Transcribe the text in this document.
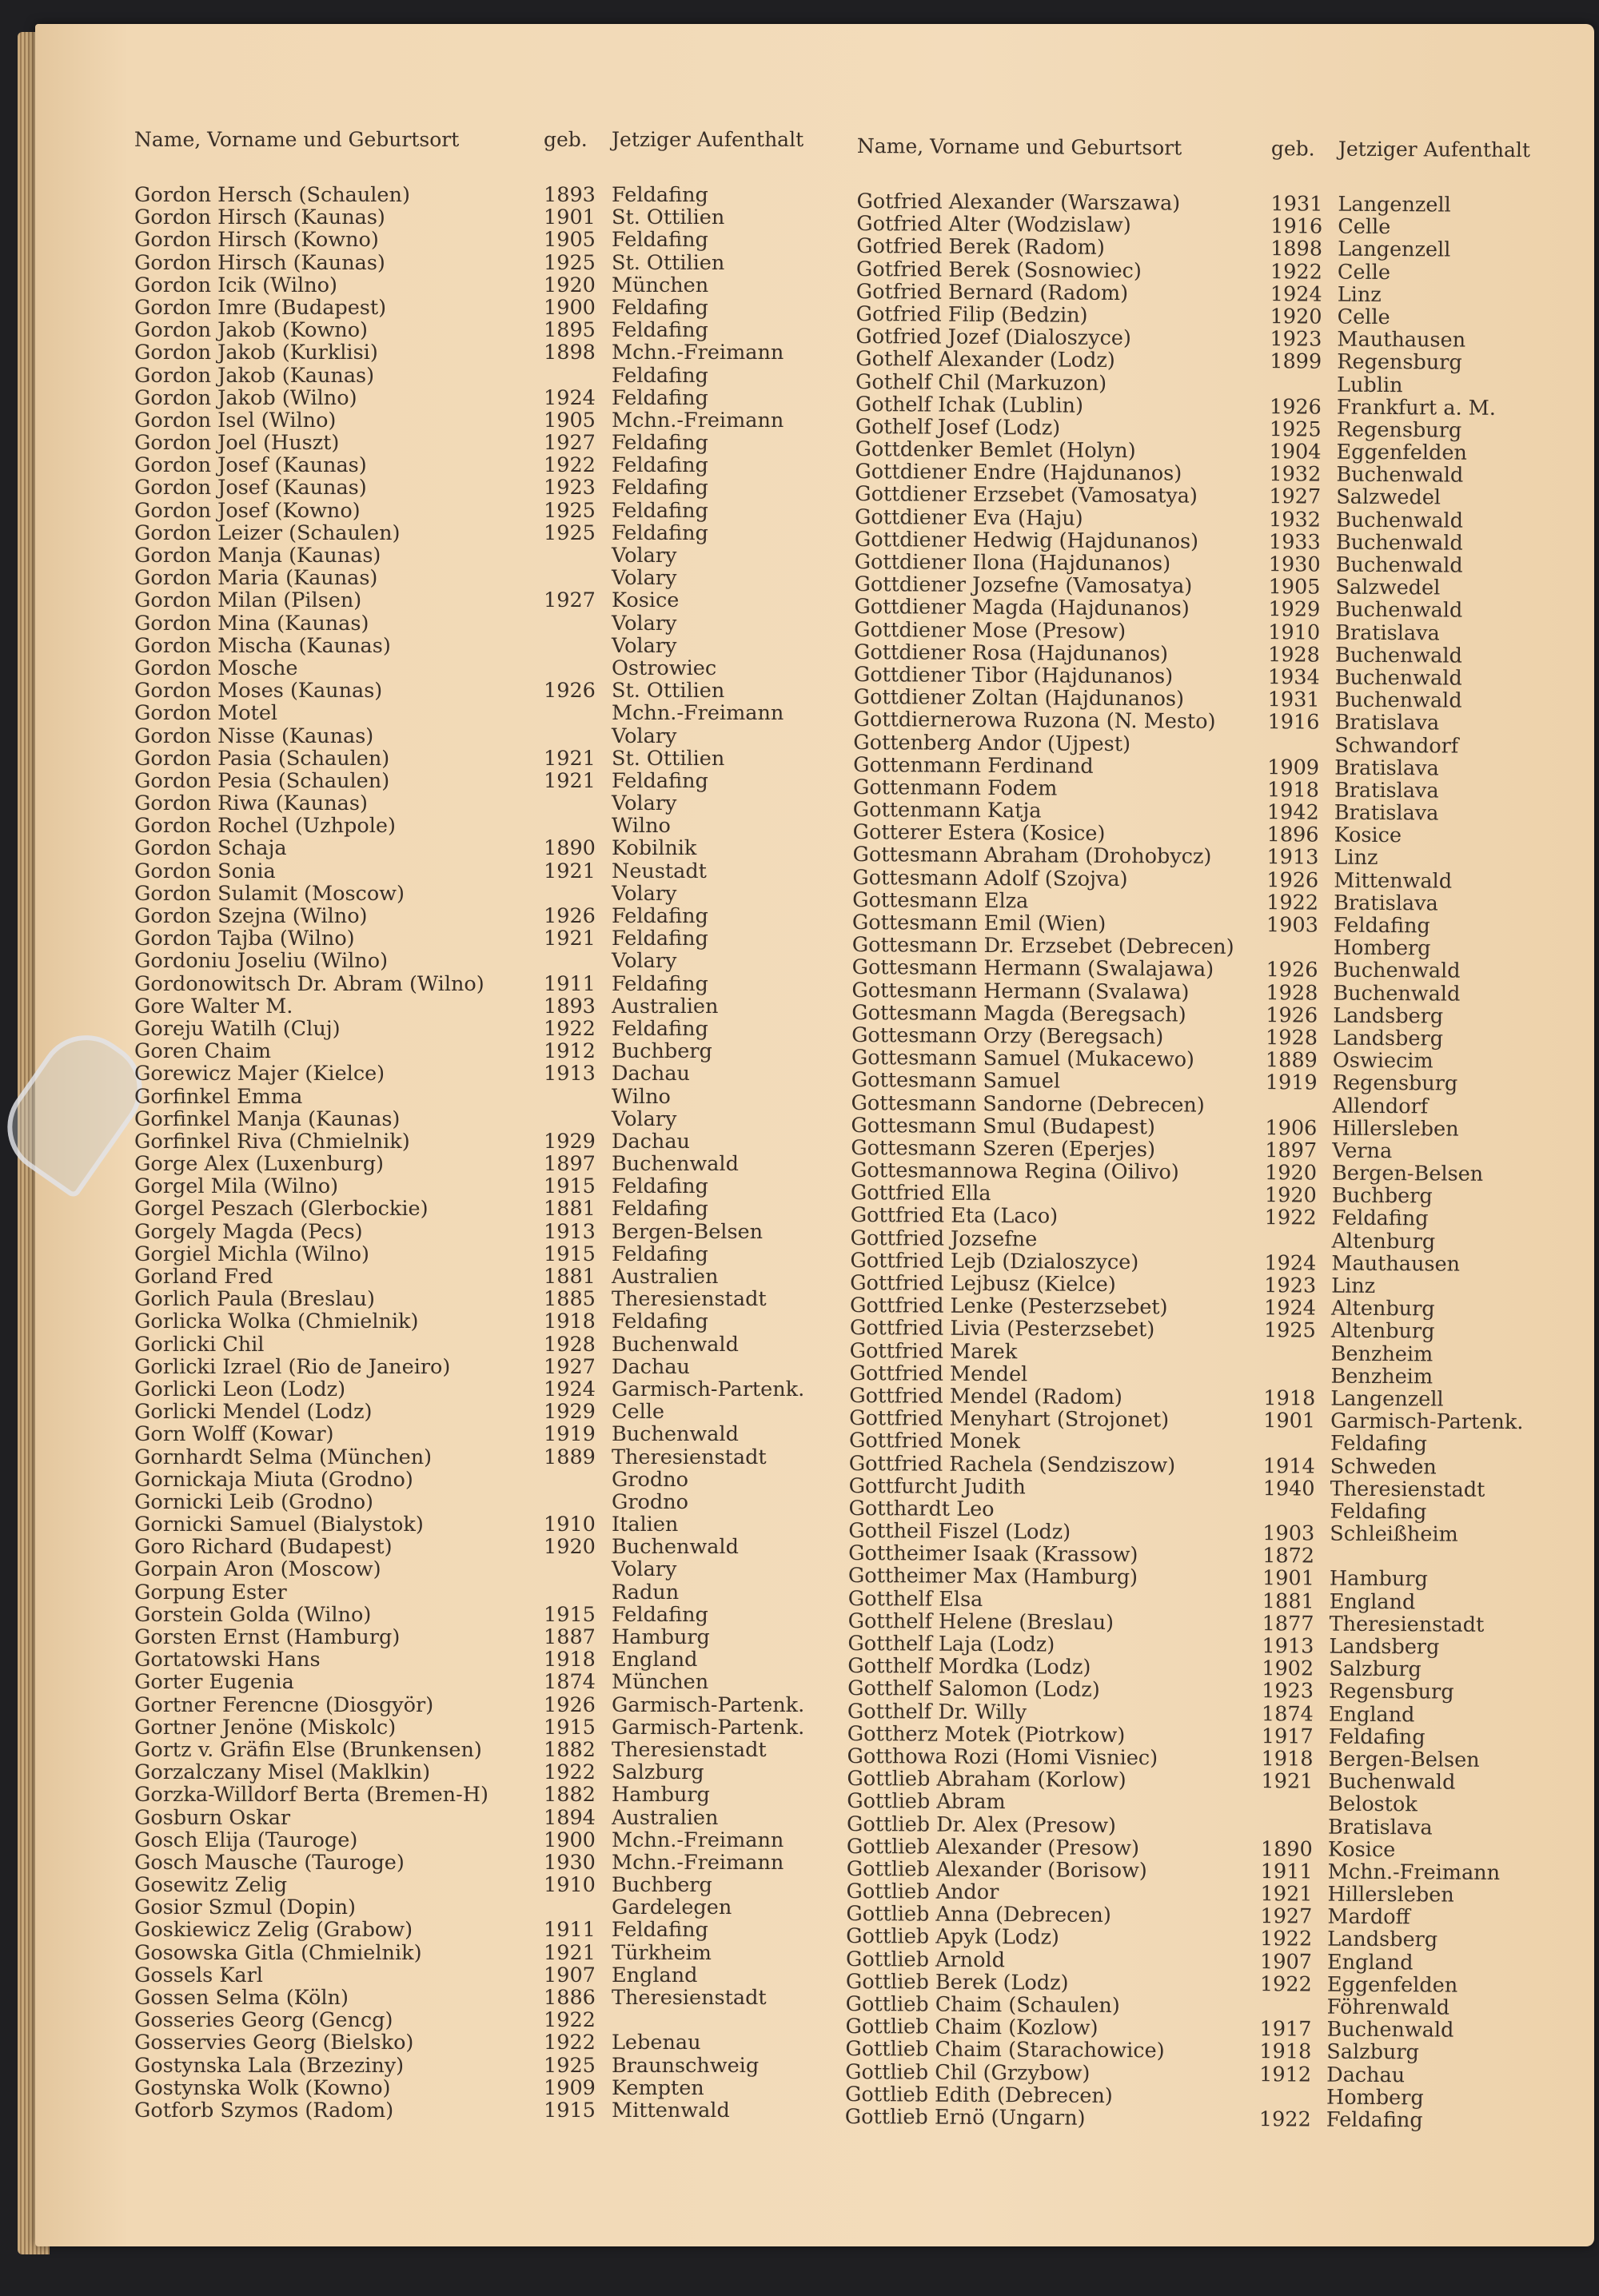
Name, Vorname und Geburtsort	geb. Jetziger Aufenthalt
Gordon Hersch (Schaulen)	1893 Feldafing
Gordon Hirsch (Kaunas)	1901 St. Ottilien
Gordon Hirsch (Kowno)	1905 Feldafing
Gordon Hirsch (Kaunas)	1925 St. Ottilien
Gordon Icik (Wilno)	1920 München
Gordon Imre (Budapest)	1900 Feldafing
Gordon Jakob (Kowno)	1895 Feldafing
Gordon Jakob (Kurklisi)	1898 Mchn.-Freimann
Gordon Jakob (Kaunas)	Feldafing
Gordon Jakob (Wilno)	1924 Feldafing
Gordon Isel (Wilno)	1905 Mchn.-Freimann
Gordon Joel (Huszt)	1927 Feldafing
Gordon Josef (Kaunas)	1922 Feldafing
Gordon Josef (Kaunas)	1923 Feldafing
Gordon Josef (Kowno)	1925 Feldafing
Gordon Leizer (Schaulen)	1925 Feldafing
Gordon Manja (Kaunas)	Volary
Gordon Maria (Kaunas)	Volary
Gordon Milan (Pilsen)	1927 Kosice
Gordon Mina (Kaunas)	Volary
Gordon Mischa (Kaunas)	Volary
Gordon Mosche	Ostrowiec
Gordon Moses (Kaunas)	1926 St. Ottilien
Gordon Motel	Mchn.-Freimann
Gordon Nisse (Kaunas)	Volary
Gordon Pasia (Schaulen)	1921 St. Ottilien
Gordon Pesia (Schaulen)	1921 Feldafing
Gordon Riwa (Kaunas)	Volary
Gordon Rochel (Uzhpole)	Wilno
Gordon Schaja	1890 Kobilnik
Gordon Sonia	1921 Neustadt
Gordon Sulamit (Moscow)	Volary
Gordon Szejna (Wilno)	1926 Feldafing
Gordon Tajba (Wilno)	1921 Feldafing
Gordoniu Joseliu (Wilno)	Volary
Gordonowitsch Dr. Abram (Wilno)	1911 Feldafing
Gore Walter M.	1893 Australien
Goreju Watilh (Cluj)	1922 Feldafing
Goren Chaim	1912 Buchberg
Gorewicz Majer (Kielce)	1913 Dachau
Gorfinkel Emma	Wilno
Gorfinkel Manja (Kaunas)	Volary
Gorfinkel Riva (Chmielnik)	1929 Dachau
Gorge Alex (Luxenburg)	1897 Buchenwald
Gorgel Mila (Wilno)	1915 Feldafing
Gorgel Peszach (Glerbockie)	1881 Feldafing
Gorgely Magda (Pecs)	1913 Bergen-Belsen
Gorgiel Michla (Wilno)	1915 Feldafing
Gorland Fred	1881 Australien
Gorlich Paula (Breslau)	1885 Theresienstadt
Gorlicka Wolka (Chmielnik)	1918 Feldafing
Gorlicki Chil	1928 Buchenwald
Gorlicki Izrael (Rio de Janeiro)	1927 Dachau
Gorlicki Leon (Lodz)	1924 Garmisch-Partenk.
Gorlicki Mendel (Lodz)	1929 Celle
Gorn Wolff (Kowar)	1919 Buchenwald
Gornhardt Selma (München)	1889 Theresienstadt
Gornickaja Miuta (Grodno)	Grodno
Gornicki Leib (Grodno)	Grodno
Gornicki Samuel (Bialystok)	1910 Italien
Goro Richard (Budapest)	1920 Buchenwald
Gorpain Aron (Moscow)	Volary
Gorpung Ester	Radun
Gorstein Golda (Wilno)	1915 Feldafing
Gorsten Ernst (Hamburg)	1887 Hamburg
Gortatowski Hans	1918 England
Gorter Eugenia	1874 München
Gortner Ferencne (Diosgyör)	1926 Garmisch-Partenk.
Gortner Jenöne (Miskolc)	1915 Garmisch-Partenk.
Gortz v. Gräfin Else (Brunkensen)	1882 Theresienstadt
Gorzalczany Misel (Maklkin)	1922 Salzburg
Gorzka-Willdorf Berta (Bremen-H)	1882 Hamburg
Gosburn Oskar	1894 Australien
Gosch Elija (Tauroge)	1900 Mchn.-Freimann
Gosch Mausche (Tauroge)	1930 Mchn.-Freimann
Gosewitz Zelig	1910 Buchberg
Gosior Szmul (Dopin)	Gardelegen
Goskiewicz Zelig (Grabow)	1911 Feldafing
Gosowska Gitla (Chmielnik)	1921 Türkheim
Gossels Karl	1907 England
Gossen Selma (Köln)	1886 Theresienstadt
Gosseries Georg (Gencg)	1922
Gosservies Georg (Bielsko)	1922 Lebenau
Gostynska Lala (Brzeziny)	1925 Braunschweig
Gostynska Wolk (Kowno)	1909 Kempten
Gotforb Szymos (Radom)	1915 Mittenwald
Name, Vorname und Geburtsort	geb. Jetziger Aufenthalt
Gotfried Alexander (Warszawa)	1931 Langenzell
Gotfried Alter (Wodzislaw)	1916 Celle
Gotfried Berek (Radom)	1898 Langenzell
Gotfried Berek (Sosnowiec)	1922 Celle
Gotfried Bernard (Radom)	1924 Linz
Gotfried Filip (Bedzin)	1920 Celle
Gotfried Jozef (Dialoszyce)	1923 Mauthausen
Gothelf Alexander (Lodz)	1899 Regensburg
Gothelf Chil (Markuzon)	Lublin
Gothelf Ichak (Lublin)	1926 Frankfurt a. M.
Gothelf Josef (Lodz)	1925 Regensburg
Gottdenker Bemlet (Holyn)	1904 Eggenfelden
Gottdiener Endre (Hajdunanos)	1932 Buchenwald
Gottdiener Erzsebet (Vamosatya)	1927 Salzwedel
Gottdiener Eva (Haju)	1932 Buchenwald
Gottdiener Hedwig (Hajdunanos)	1933 Buchenwald
Gottdiener Ilona (Hajdunanos)	1930 Buchenwald
Gottdiener Jozsefne (Vamosatya)	1905 Salzwedel
Gottdiener Magda (Hajdunanos)	1929 Buchenwald
Gottdiener Mose (Presow)	1910 Bratislava
Gottdiener Rosa (Hajdunanos)	1928 Buchenwald
Gottdiener Tibor (Hajdunanos)	1934 Buchenwald
Gottdiener Zoltan (Hajdunanos)	1931 Buchenwald
Gottdiernerowa Ruzona (N. Mesto)	1916 Bratislava
Gottenberg Andor (Ujpest)	Schwandorf
Gottenmann Ferdinand	1909 Bratislava
Gottenmann Fodem	1918 Bratislava
Gottenmann Katja	1942 Bratislava
Gotterer Estera (Kosice)	1896 Kosice
Gottesmann Abraham (Drohobycz)	1913 Linz
Gottesmann Adolf (Szojva)	1926 Mittenwald
Gottesmann Elza	1922 Bratislava
Gottesmann Emil (Wien)	1903 Feldafing
Gottesmann Dr. Erzsebet (Debrecen)	Homberg
Gottesmann Hermann (Swalajawa)	1926 Buchenwald
Gottesmann Hermann (Svalawa)	1928 Buchenwald
Gottesmann Magda (Beregsach)	1926 Landsberg
Gottesmann Orzy (Beregsach)	1928 Landsberg
Gottesmann Samuel (Mukacewo)	1889 Oswiecim
Gottesmann Samuel	1919 Regensburg
Gottesmann Sandorne (Debrecen)	Allendorf
Gottesmann Smul (Budapest)	1906 Hillersleben
Gottesmann Szeren (Eperjes)	1897 Verna
Gottesmannowa Regina (Oilivo)	1920 Bergen-Belsen
Gottfried Ella	1920 Buchberg
Gottfried Eta (Laco)	1922 Feldafing
Gottfried Jozsefne	Altenburg
Gottfried Lejb (Dzialoszyce)	1924 Mauthausen
Gottfried Lejbusz (Kielce)	1923 Linz
Gottfried Lenke (Pesterzsebet)	1924 Altenburg
Gottfried Livia (Pesterzsebet)	1925 Altenburg
Gottfried Marek	Benzheim
Gottfried Mendel	Benzheim
Gottfried Mendel (Radom)	1918 Langenzell
Gottfried Menyhart (Strojonet)	1901 Garmisch-Partenk.
Gottfried Monek	Feldafing
Gottfried Rachela (Sendziszow)	1914 Schweden
Gottfurcht Judith	1940 Theresienstadt
Gotthardt Leo	Feldafing
Gottheil Fiszel (Lodz)	1903 Schleißheim
Gottheimer Isaak (Krassow)	1872
Gottheimer Max (Hamburg)	1901 Hamburg
Gotthelf Elsa	1881 England
Gotthelf Helene (Breslau)	1877 Theresienstadt
Gotthelf Laja (Lodz)	1913 Landsberg
Gotthelf Mordka (Lodz)	1902 Salzburg
Gotthelf Salomon (Lodz)	1923 Regensburg
Gotthelf Dr. Willy	1874 England
Gottherz Motek (Piotrkow)	1917 Feldafing
Gotthowa Rozi (Homi Visniec)	1918 Bergen-Belsen
Gottlieb Abraham (Korlow)	1921 Buchenwald
Gottlieb Abram	Belostok
Gottlieb Dr. Alex (Presow)	Bratislava
Gottlieb Alexander (Presow)	1890 Kosice
Gottlieb Alexander (Borisow)	1911 Mchn.-Freimann
Gottlieb Andor	1921 Hillersleben
Gottlieb Anna (Debrecen)	1927 Mardoff
Gottlieb Apyk (Lodz)	1922 Landsberg
Gottlieb Arnold	1907 England
Gottlieb Berek (Lodz)	1922 Eggenfelden
Gottlieb Chaim (Schaulen)	Föhrenwald
Gottlieb Chaim (Kozlow)	1917 Buchenwald
Gottlieb Chaim (Starachowice)	1918 Salzburg
Gottlieb Chil (Grzybow)	1912 Dachau
Gottlieb Edith (Debrecen)	Homberg
Gottlieb Ernö (Ungarn)	1922 Feldafing
